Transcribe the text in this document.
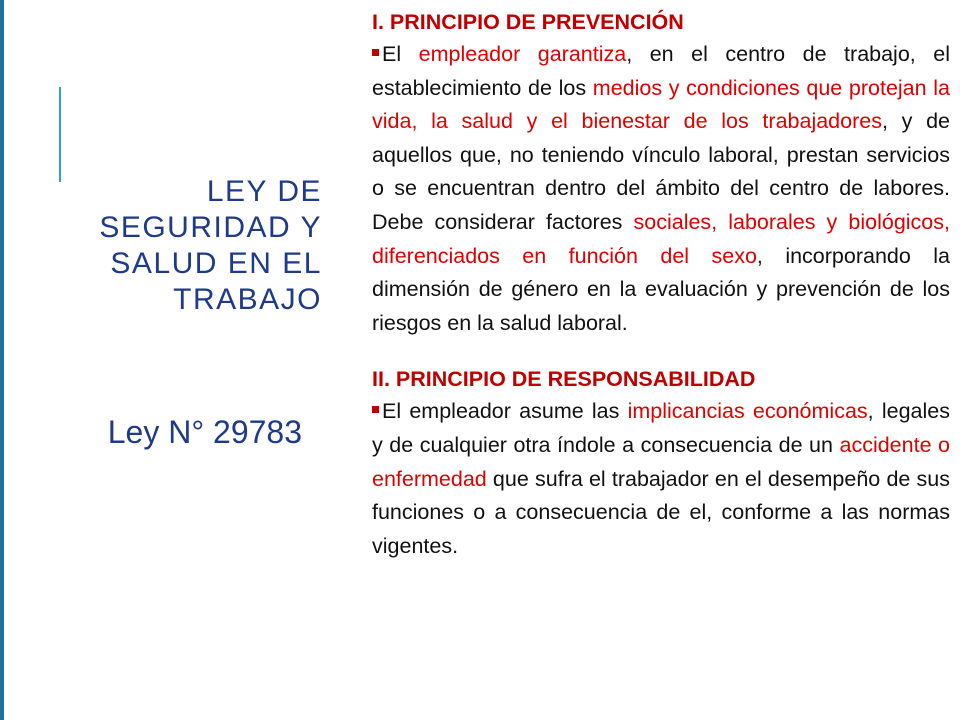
LEY DE
SEGURIDAD Y
SALUD EN EL
TRABAJO
Ley N° 29783

I. PRINCIPIO DE PREVENCIÓN

El empleador garantiza, en el centro de trabajo, el establecimiento de los medios y condiciones que protejan la vida, la salud y el bienestar de los trabajadores, y de aquellos que, no teniendo vínculo laboral, prestan servicios o se encuentran dentro del ámbito del centro de labores. Debe considerar factores sociales, laborales y biológicos, diferenciados en función del sexo, incorporando la dimensión de género en la evaluación y prevención de los riesgos en la salud laboral.

II. PRINCIPIO DE RESPONSABILIDAD

El empleador asume las implicancias económicas, legales y de cualquier otra índole a consecuencia de un accidente o enfermedad que sufra el trabajador en el desempeño de sus funciones o a consecuencia de el, conforme a las normas vigentes.
